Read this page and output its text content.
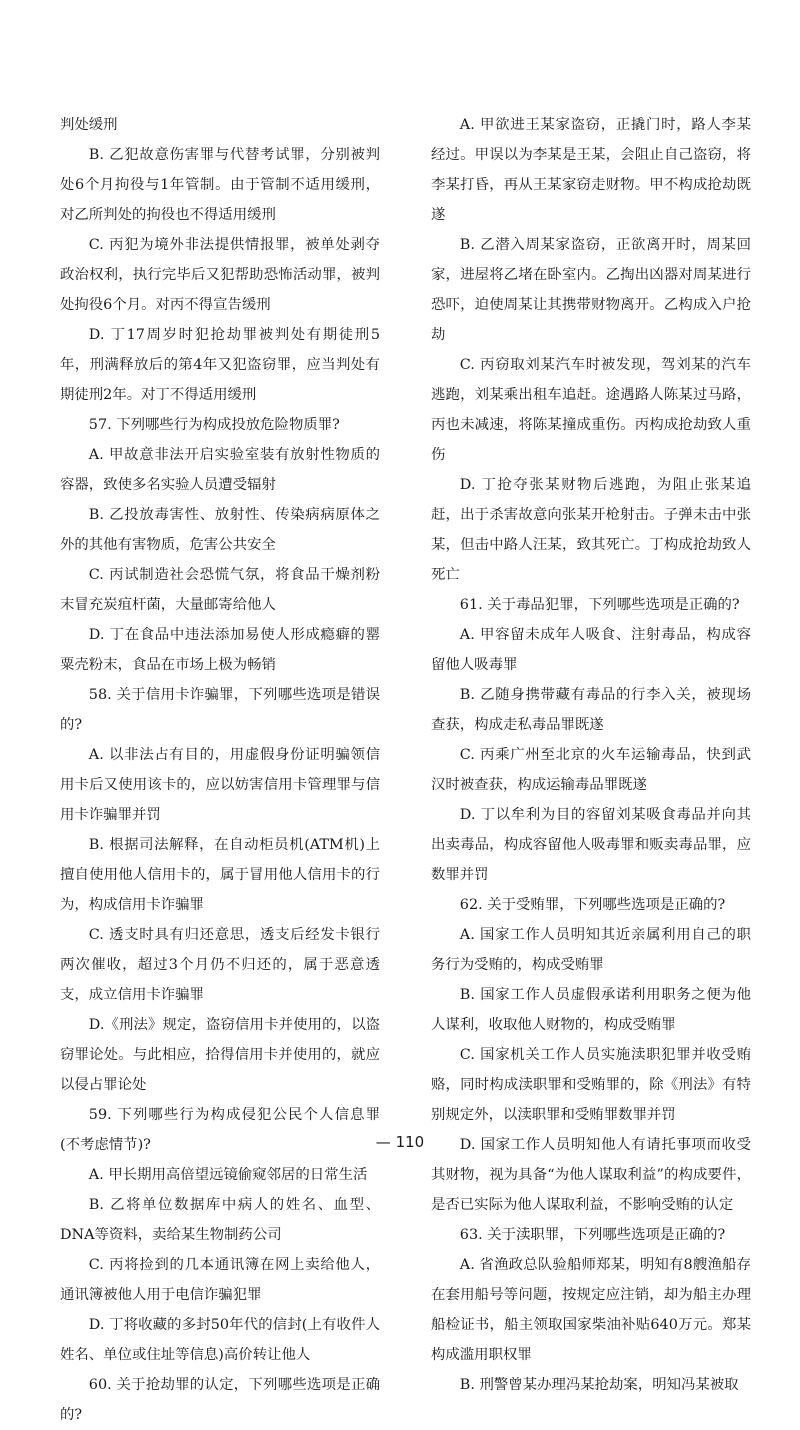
判处缓刑

B. 乙犯故意伤害罪与代替考试罪，分别被判处6个月拘役与1年管制。由于管制不适用缓刑，对乙所判处的拘役也不得适用缓刑

C. 丙犯为境外非法提供情报罪，被单处剥夺政治权利，执行完毕后又犯帮助恐怖活动罪，被判处拘役6个月。对丙不得宣告缓刑

D. 丁17周岁时犯抢劫罪被判处有期徒刑5年，刑满释放后的第4年又犯盗窃罪，应当判处有期徒刑2年。对丁不得适用缓刑

57. 下列哪些行为构成投放危险物质罪?

A. 甲故意非法开启实验室装有放射性物质的容器，致使多名实验人员遭受辐射

B. 乙投放毒害性、放射性、传染病病原体之外的其他有害物质，危害公共安全

C. 丙试制造社会恐慌气氛，将食品干燥剂粉末冒充炭疽杆菌，大量邮寄给他人

D. 丁在食品中违法添加易使人形成瘾癖的罂粟壳粉末，食品在市场上极为畅销

58. 关于信用卡诈骗罪，下列哪些选项是错误的?

A. 以非法占有目的，用虚假身份证明骗领信用卡后又使用该卡的，应以妨害信用卡管理罪与信用卡诈骗罪并罚

B. 根据司法解释，在自动柜员机(ATM机)上擅自使用他人信用卡的，属于冒用他人信用卡的行为，构成信用卡诈骗罪

C. 透支时具有归还意思，透支后经发卡银行两次催收，超过3个月仍不归还的，属于恶意透支，成立信用卡诈骗罪

D.《刑法》规定，盗窃信用卡并使用的，以盗窃罪论处。与此相应，拾得信用卡并使用的，就应以侵占罪论处

59. 下列哪些行为构成侵犯公民个人信息罪(不考虑情节)?

A. 甲长期用高倍望远镜偷窥邻居的日常生活

B. 乙将单位数据库中病人的姓名、血型、DNA等资料，卖给某生物制药公司

C. 丙将捡到的几本通讯簿在网上卖给他人，通讯簿被他人用于电信诈骗犯罪

D. 丁将收藏的多封50年代的信封(上有收件人姓名、单位或住址等信息)高价转让他人

60. 关于抢劫罪的认定，下列哪些选项是正确的?

A. 甲欲进王某家盗窃，正撬门时，路人李某经过。甲误以为李某是王某，会阻止自己盗窃，将李某打昏，再从王某家窃走财物。甲不构成抢劫既遂

B. 乙潜入周某家盗窃，正欲离开时，周某回家，进屋将乙堵在卧室内。乙掏出凶器对周某进行恐吓，迫使周某让其携带财物离开。乙构成入户抢劫

C. 丙窃取刘某汽车时被发现，驾刘某的汽车逃跑，刘某乘出租车追赶。途遇路人陈某过马路，丙也未减速，将陈某撞成重伤。丙构成抢劫致人重伤

D. 丁抢夺张某财物后逃跑，为阻止张某追赶，出于杀害故意向张某开枪射击。子弹未击中张某，但击中路人汪某，致其死亡。丁构成抢劫致人死亡

61. 关于毒品犯罪，下列哪些选项是正确的?

A. 甲容留未成年人吸食、注射毒品，构成容留他人吸毒罪

B. 乙随身携带藏有毒品的行李入关，被现场查获，构成走私毒品罪既遂

C. 丙乘广州至北京的火车运输毒品，快到武汉时被查获，构成运输毒品罪既遂

D. 丁以牟利为目的容留刘某吸食毒品并向其出卖毒品，构成容留他人吸毒罪和贩卖毒品罪，应数罪并罚

62. 关于受贿罪，下列哪些选项是正确的?

A. 国家工作人员明知其近亲属利用自己的职务行为受贿的，构成受贿罪

B. 国家工作人员虚假承诺利用职务之便为他人谋利，收取他人财物的，构成受贿罪

C. 国家机关工作人员实施渎职犯罪并收受贿赂，同时构成渎职罪和受贿罪的，除《刑法》有特别规定外，以渎职罪和受贿罪数罪并罚

D. 国家工作人员明知他人有请托事项而收受其财物，视为具备“为他人谋取利益”的构成要件，是否已实际为他人谋取利益，不影响受贿的认定

63. 关于渎职罪，下列哪些选项是正确的?

A. 省渔政总队验船师郑某，明知有8艘渔船存在套用船号等问题，按规定应注销，却为船主办理船检证书，船主领取国家柴油补贴640万元。郑某构成滥用职权罪

B. 刑警曾某办理冯某抢劫案，明知冯某被取

— 110
